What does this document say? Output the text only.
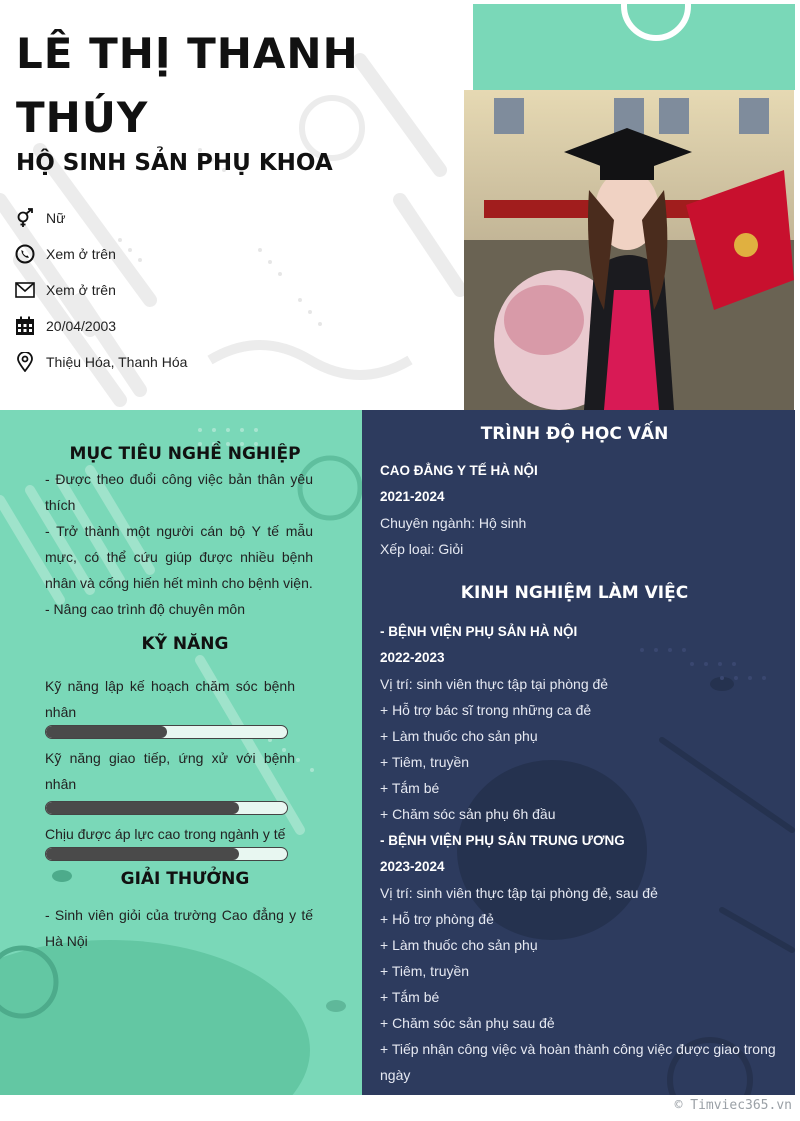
LÊ THỊ THANH THÚY
HỘ SINH SẢN PHỤ KHOA
Nữ
Xem ở trên
Xem ở trên
20/04/2003
Thiệu Hóa, Thanh Hóa
MỤC TIÊU NGHỀ NGHIỆP
- Được theo đuổi công việc bản thân yêu thích
- Trở thành một người cán bộ Y tế mẫu mực, có thể cứu giúp được nhiều bệnh nhân và cống hiến hết mình cho bệnh viện.
- Nâng cao trình độ chuyên môn
KỸ NĂNG
Kỹ năng lập kế hoạch chăm sóc bệnh nhân
Kỹ năng giao tiếp, ứng xử với bệnh nhân
Chịu được áp lực cao trong ngành y tế
GIẢI THƯỞNG
- Sinh viên giỏi của trường Cao đẳng y tế Hà Nội
TRÌNH ĐỘ HỌC VẤN
CAO ĐẲNG Y TẾ HÀ NỘI
2021-2024
Chuyên ngành: Hộ sinh
Xếp loại: Giỏi
KINH NGHIỆM LÀM VIỆC
- BỆNH VIỆN PHỤ SẢN HÀ NỘI
2022-2023
Vị trí: sinh viên thực tập tại phòng đẻ
+ Hỗ trợ bác sĩ trong những ca đẻ
+ Làm thuốc cho sản phụ
+ Tiêm, truyền
+ Tắm bé
+ Chăm sóc sản phụ 6h đầu
- BỆNH VIỆN PHỤ SẢN TRUNG ƯƠNG
2023-2024
Vị trí: sinh viên thực tập tại phòng đẻ, sau đẻ
+ Hỗ trợ phòng đẻ
+ Làm thuốc cho sản phụ
+ Tiêm, truyền
+ Tắm bé
+ Chăm sóc sản phụ sau đẻ
+ Tiếp nhận công việc và hoàn thành công việc được giao trong ngày
© Timviec365.vn
